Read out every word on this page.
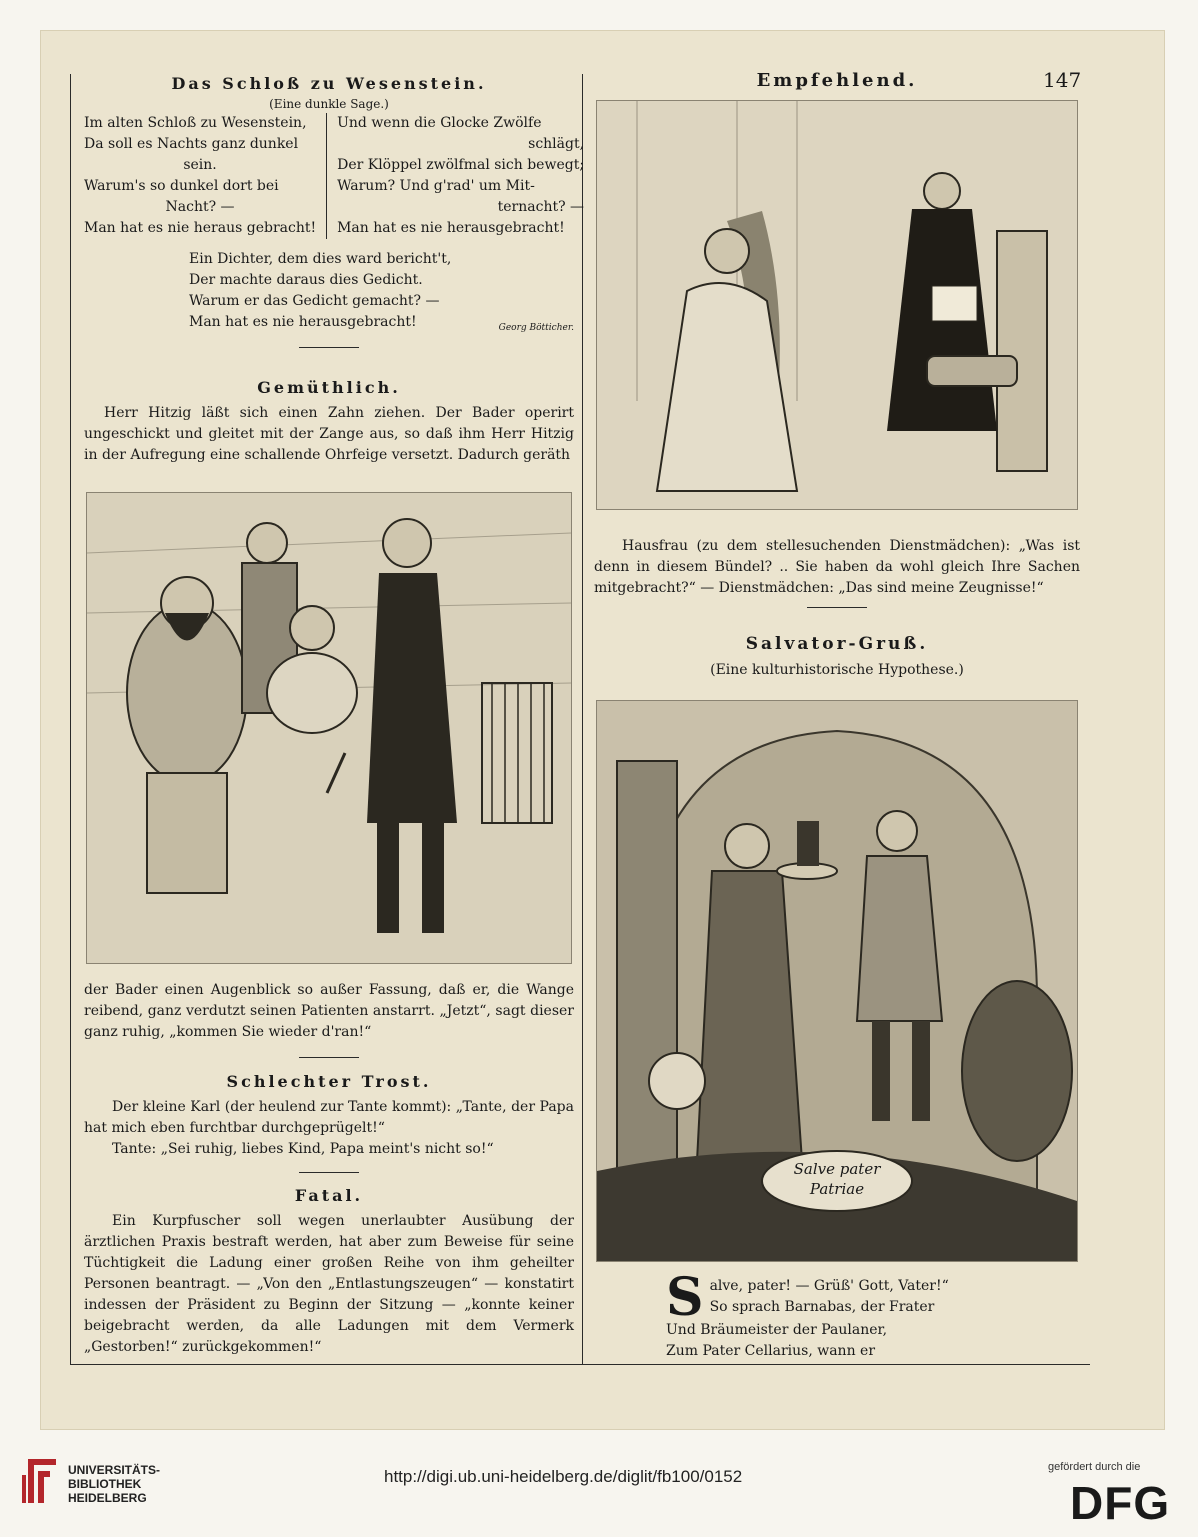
147
Das Schloß zu Wesenstein.
(Eine dunkle Sage.)
Im alten Schloß zu Wesenstein,
Da soll es Nachts ganz dunkel
sein.
Warum's so dunkel dort bei
Nacht? —
Man hat es nie heraus gebracht!
Und wenn die Glocke Zwölfe
schlägt,
Der Klöppel zwölfmal sich bewegt;
Warum? Und g'rad' um Mit-
ternacht? —
Man hat es nie herausgebracht!
Ein Dichter, dem dies ward bericht't,
Der machte daraus dies Gedicht.
Warum er das Gedicht gemacht? —
Man hat es nie herausgebracht!	Georg Bötticher.
Gemüthlich.
Herr Hitzig läßt sich einen Zahn ziehen. Der Bader operirt ungeschickt und gleitet mit der Zange aus, so daß ihm Herr Hitzig in der Aufregung eine schallende Ohrfeige versetzt. Dadurch geräth
der Bader einen Augenblick so außer Fassung, daß er, die Wange reibend, ganz verdutzt seinen Patienten anstarrt. „Jetzt“, sagt dieser ganz ruhig, „kommen Sie wieder d'ran!“
Schlechter Trost.
Der kleine Karl (der heulend zur Tante kommt): „Tante, der Papa hat mich eben furchtbar durchgeprügelt!“
Tante: „Sei ruhig, liebes Kind, Papa meint's nicht so!“
Fatal.
Ein Kurpfuscher soll wegen unerlaubter Ausübung der ärztlichen Praxis bestraft werden, hat aber zum Beweise für seine Tüchtigkeit die Ladung einer großen Reihe von ihm geheilter Personen beantragt. — „Von den „Entlastungszeugen“ — konstatirt indessen der Präsident zu Beginn der Sitzung — „konnte keiner beigebracht werden, da alle Ladungen mit dem Vermerk „Gestorben!“ zurückgekommen!“
Empfehlend.
Hausfrau (zu dem stellesuchenden Dienstmädchen): „Was ist denn in diesem Bündel? .. Sie haben da wohl gleich Ihre Sachen mitgebracht?“ — Dienstmädchen: „Das sind meine Zeugnisse!“
Salvator-Gruß.
(Eine kulturhistorische Hypothese.)
Salve pater
Patriae
Salve, pater! — Grüß' Gott, Vater!“
So sprach Barnabas, der Frater
Und Bräumeister der Paulaner,
Zum Pater Cellarius, wann er
UNIVERSITÄTS-
BIBLIOTHEK
HEIDELBERG
http://digi.ub.uni-heidelberg.de/diglit/fb100/0152	gefördert durch die
DFG
